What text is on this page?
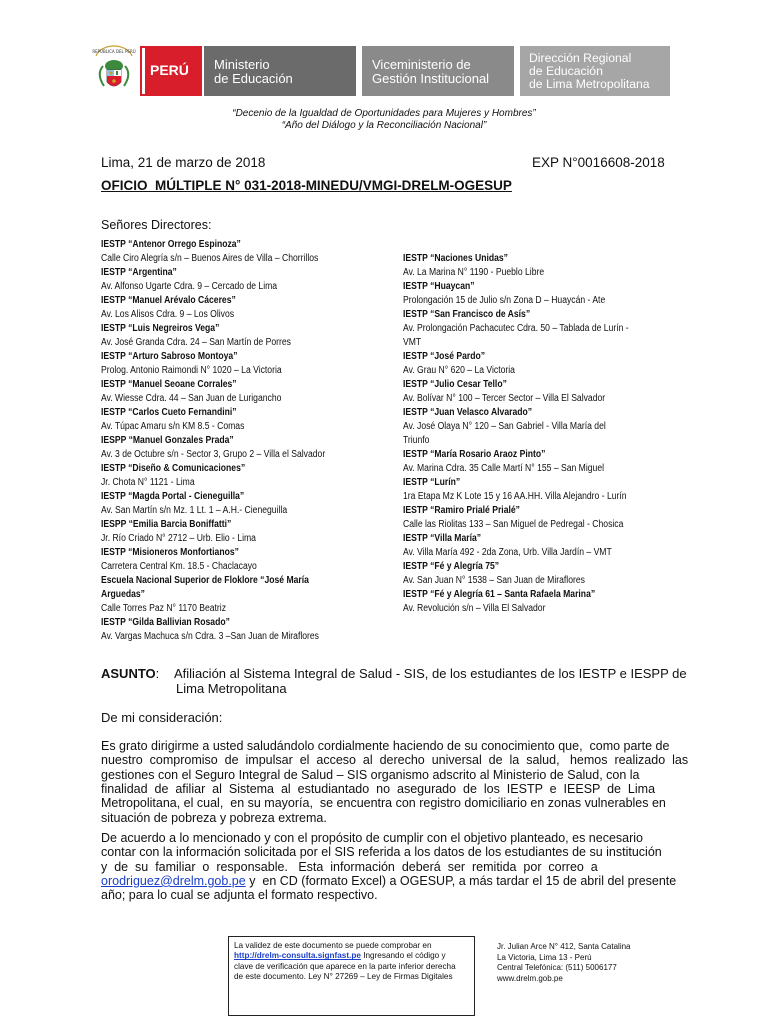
REPÚBLICA DEL PERÚ
PERÚ Ministerio
de Educación
Viceministerio de
Gestión Institucional
Dirección Regional
de Educación
de Lima Metropolitana
“Decenio de la Igualdad de Oportunidades para Mujeres y Hombres”
“Año del Diálogo y la Reconciliación Nacional”
Lima, 21 de marzo de 2018	EXP N°0016608-2018
OFICIO  MÚLTIPLE N° 031-2018-MINEDU/VMGI-DRELM-OGESUP
Señores Directores:
IESTP “Antenor Orrego Espinoza”
Calle Ciro Alegría s/n – Buenos Aires de Villa – Chorrillos
IESTP “Argentina”
Av. Alfonso Ugarte Cdra. 9 – Cercado de Lima
IESTP “Manuel Arévalo Cáceres”
Av. Los Alisos Cdra. 9 – Los Olivos
IESTP “Luis Negreiros Vega”
Av. José Granda Cdra. 24 – San Martín de Porres
IESTP “Arturo Sabroso Montoya”
Prolog. Antonio Raimondi N° 1020 – La Victoria
IESTP “Manuel Seoane Corrales”
Av. Wiesse Cdra. 44 – San Juan de Lurigancho
IESTP “Carlos Cueto Fernandini”
Av. Túpac Amaru s/n KM 8.5 - Comas
IESPP “Manuel Gonzales Prada”
Av. 3 de Octubre s/n - Sector 3, Grupo 2 – Villa el Salvador
IESTP “Diseño & Comunicaciones”
Jr. Chota N° 1121 - Lima
IESTP “Magda Portal - Cieneguilla”
Av. San Martín s/n Mz. 1 Lt. 1 – A.H.- Cieneguilla
IESPP “Emilia Barcia Boniffatti”
Jr. Río Criado N° 2712 – Urb. Elio - Lima
IESTP “Misioneros Monfortianos”
Carretera Central Km. 18.5 - Chaclacayo
Escuela Nacional Superior de Floklore “José María
Arguedas”
Calle Torres Paz N° 1170 Beatriz
IESTP “Gilda Ballivian Rosado”
Av. Vargas Machuca s/n Cdra. 3 –San Juan de Miraflores
IESTP “Naciones Unidas”
Av. La Marina N° 1190 - Pueblo Libre
IESTP “Huaycan”
Prolongación 15 de Julio s/n Zona D – Huaycán - Ate
IESTP “San Francisco de Asís”
Av. Prolongación Pachacutec Cdra. 50 – Tablada de Lurín -
VMT
IESTP “José Pardo”
Av. Grau N° 620 – La Victoria
IESTP “Julio Cesar Tello”
Av. Bolívar N° 100 – Tercer Sector – Villa El Salvador
IESTP “Juan Velasco Alvarado”
Av. José Olaya N° 120 – San Gabriel - Villa María del
Triunfo
IESTP “María Rosario Araoz Pinto”
Av. Marina Cdra. 35 Calle Martí N° 155 – San Miguel
IESTP “Lurín”
1ra Etapa Mz K Lote 15 y 16 AA.HH. Villa Alejandro - Lurín
IESTP “Ramiro Prialé Prialé”
Calle las Riolitas 133 – San Miguel de Pedregal - Chosica
IESTP “Villa María”
Av. Villa María 492 - 2da Zona, Urb. Villa Jardín – VMT
IESTP “Fé y Alegría 75”
Av. San Juan N° 1538 – San Juan de Miraflores
IESTP “Fé y Alegría 61 – Santa Rafaela Marina”
Av. Revolución s/n – Villa El Salvador
ASUNTO: Afiliación al Sistema Integral de Salud - SIS, de los estudiantes de los IESTP e IESPP de
Lima Metropolitana
De mi consideración:
Es grato dirigirme a usted saludándolo cordialmente haciendo de su conocimiento que,  como parte de
nuestro  compromiso  de  impulsar  el  acceso  al  derecho  universal  de  la  salud,   hemos  realizado  las
gestiones con el Seguro Integral de Salud – SIS organismo adscrito al Ministerio de Salud, con la
finalidad  de  afiliar  al  Sistema  al  estudiantado  no  asegurado  de  los  IESTP  e  IEESP  de  Lima
Metropolitana, el cual,  en su mayoría,  se encuentra con registro domiciliario en zonas vulnerables en
situación de pobreza y pobreza extrema.
De acuerdo a lo mencionado y con el propósito de cumplir con el objetivo planteado, es necesario
contar con la información solicitada por el SIS referida a los datos de los estudiantes de su institución
y  de  su  familiar  o  responsable.   Esta  información  deberá  ser  remitida  por  correo  a
orodriguez@drelm.gob.pe y  en CD (formato Excel) a OGESUP, a más tardar el 15 de abril del presente
año; para lo cual se adjunta el formato respectivo.
La validez de este documento se puede comprobar en
http://drelm-consulta.signfast.pe Ingresando el código y
clave de verificación que aparece en la parte inferior derecha
de este documento. Ley N° 27269 – Ley de Firmas Digitales
Jr. Julian Arce N° 412, Santa Catalina
La Victoria, Lima 13 - Perú
Central Telefónica: (511) 5006177
www.drelm.gob.pe
